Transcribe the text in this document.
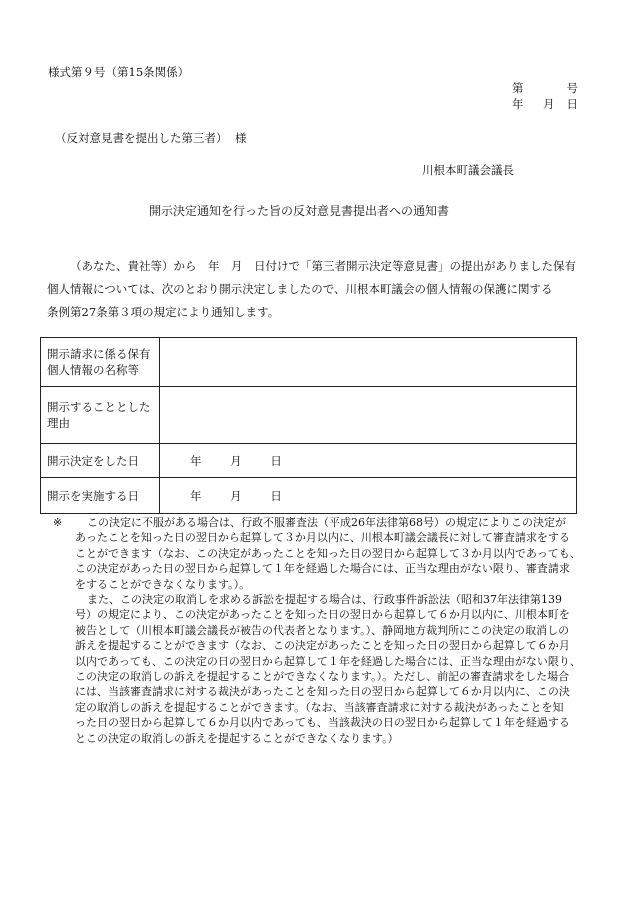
様式第９号（第15条関係）
第	号
年 月 日
（反対意見書を提出した第三者） 様
川根本町議会議長
開示決定通知を行った旨の反対意見書提出者への通知書
（あなた、貴社等）から　年　月　日付けで「第三者開示決定等意見書」の提出がありました保有
個人情報については、次のとおり開示決定しましたので、川根本町議会の個人情報の保護に関する
条例第27条第３項の規定により通知します。
開示請求に係る保有
個人情報の名称等	

開示することとした
理由	

開示決定をした日	年 月 日

開示を実施する日	年 月 日
※	この決定に不服がある場合は、行政不服審査法（平成26年法律第68号）の規定によりこの決定が
あったことを知った日の翌日から起算して３か月以内に、川根本町議会議長に対して審査請求をする
ことができます（なお、この決定があったことを知った日の翌日から起算して３か月以内であっても、
この決定があった日の翌日から起算して１年を経過した場合には、正当な理由がない限り、審査請求
をすることができなくなります。）。
また、この決定の取消しを求める訴訟を提起する場合は、行政事件訴訟法（昭和37年法律第139
号）の規定により、この決定があったことを知った日の翌日から起算して６か月以内に、川根本町を
被告として（川根本町議会議長が被告の代表者となります。）、静岡地方裁判所にこの決定の取消しの
訴えを提起することができます（なお、この決定があったことを知った日の翌日から起算して６か月
以内であっても、この決定の日の翌日から起算して１年を経過した場合には、正当な理由がない限り、
この決定の取消しの訴えを提起することができなくなります。）。ただし、前記の審査請求をした場合
には、当該審査請求に対する裁決があったことを知った日の翌日から起算して６か月以内に、この決
定の取消しの訴えを提起することができます。（なお、当該審査請求に対する裁決があったことを知
った日の翌日から起算して６か月以内であっても、当該裁決の日の翌日から起算して１年を経過する
とこの決定の取消しの訴えを提起することができなくなります。）
